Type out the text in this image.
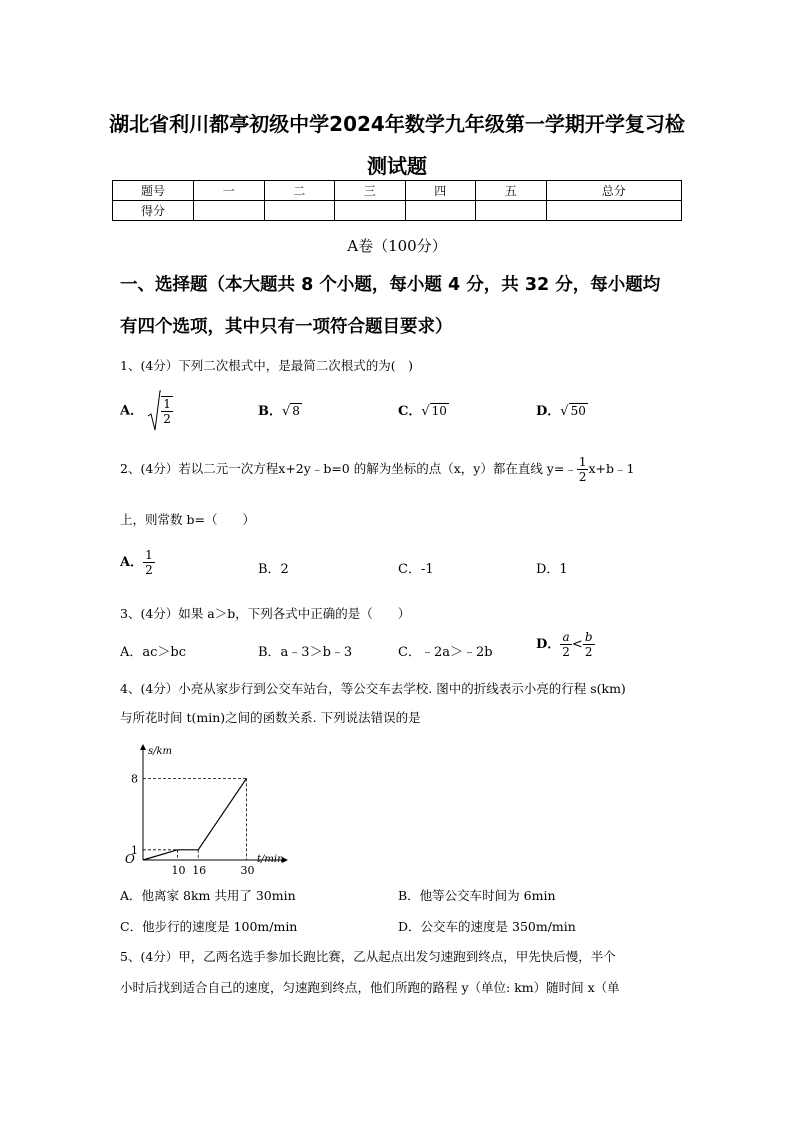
湖北省利川都亭初级中学2024年数学九年级第一学期开学复习检
测试题
题号	一	二	三	四	五	总分
得分						
A卷（100分）
一、选择题（本大题共 8 个小题，每小题 4 分，共 32 分，每小题均
有四个选项，其中只有一项符合题目要求）
1、(4分）下列二次根式中，是最简二次根式的为(　)
A． $\frac{1}{2}$	B．√ 8	C．√ 10	D．√ 50
2、(4分）若以二元一次方程x+2y﹣b=0 的解为坐标的点（x，y）都在直线 y=﹣ $\frac{1}{2}$ x+b﹣1
上，则常数 b=（　　）
A． $\frac{1}{2}$	B．2	C．-1	D．1
3、(4分）如果 a＞b，下列各式中正确的是（　　）
A．ac＞bc	B．a﹣3＞b﹣3	C．﹣2a＞﹣2b
D． $\frac{a}{2} < \frac{b}{2}$
4、(4分）小亮从家步行到公交车站台，等公交车去学校. 图中的折线表示小亮的行程 s(km)
与所花时间 t(min)之间的函数关系. 下列说法错误的是
O
s/km
t/min
10 16	30
1
8
A．他离家 8km 共用了 30min	B．他等公交车时间为 6min
C．他步行的速度是 100m/min	D．公交车的速度是 350m/min
5、(4分）甲，乙两名选手参加长跑比赛，乙从起点出发匀速跑到终点，甲先快后慢，半个
小时后找到适合自己的速度，匀速跑到终点，他们所跑的路程 y（单位: km）随时间 x（单
